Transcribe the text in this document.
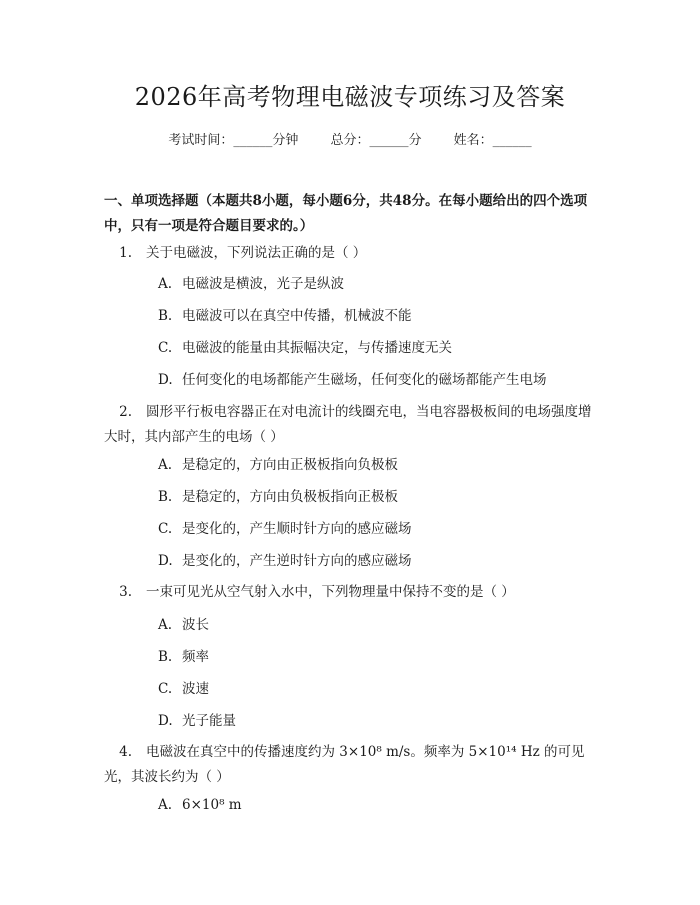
2026年高考物理电磁波专项练习及答案
考试时间：______分钟 总分：______分 姓名：______
一、单项选择题（本题共8小题，每小题6分，共48分。在每小题给出的四个选项中，只有一项是符合题目要求的。）
1. 关于电磁波，下列说法正确的是（ ）
A. 电磁波是横波，光子是纵波
B. 电磁波可以在真空中传播，机械波不能
C. 电磁波的能量由其振幅决定，与传播速度无关
D. 任何变化的电场都能产生磁场，任何变化的磁场都能产生电场
2. 圆形平行板电容器正在对电流计的线圈充电，当电容器极板间的电场强度增大时，其内部产生的电场（ ）
A. 是稳定的，方向由正极板指向负极板
B. 是稳定的，方向由负极板指向正极板
C. 是变化的，产生顺时针方向的感应磁场
D. 是变化的，产生逆时针方向的感应磁场
3. 一束可见光从空气射入水中，下列物理量中保持不变的是（ ）
A. 波长
B. 频率
C. 波速
D. 光子能量
4. 电磁波在真空中的传播速度约为 3×10⁸ m/s。频率为 5×10¹⁴ Hz 的可见光，其波长约为（ ）
A. 6×10⁸ m
